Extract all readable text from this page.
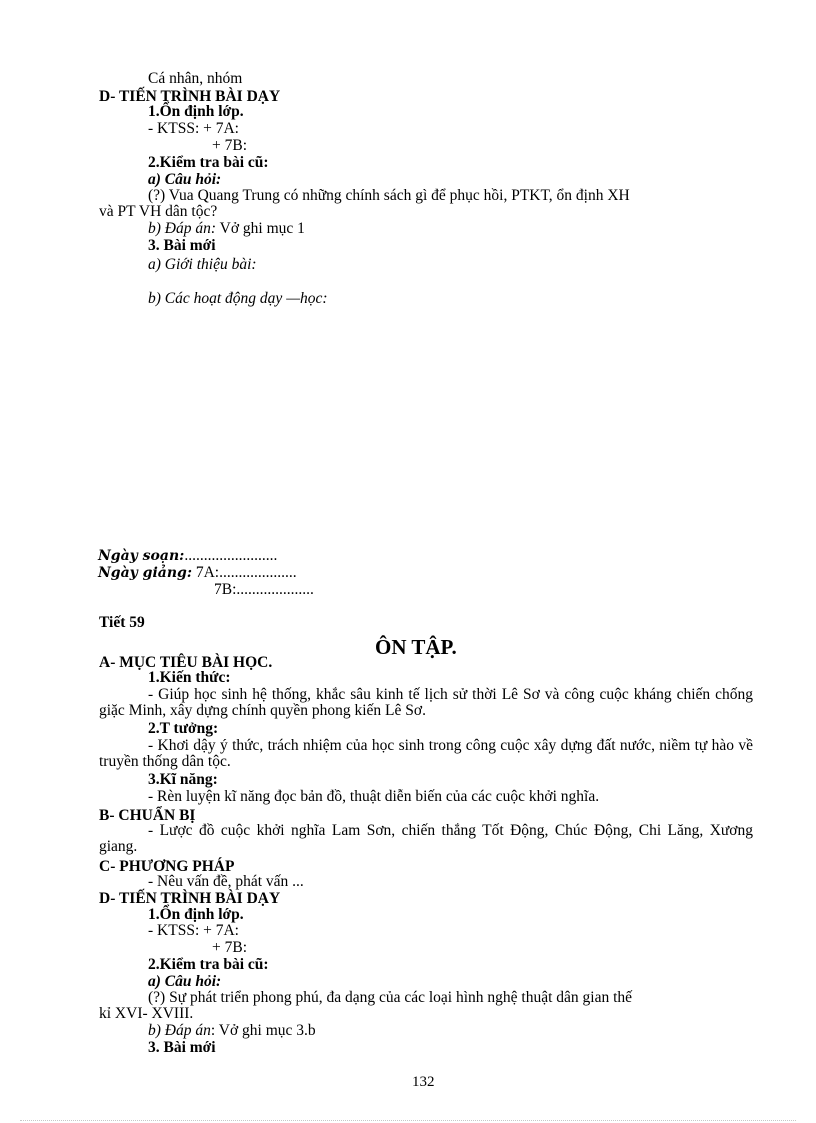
Cá nhân, nhóm
D- TIẾN TRÌNH BÀI DẠY
1.Ổn định lớp.
- KTSS: + 7A:
+ 7B:
2.Kiểm tra bài cũ:
a) Câu hỏi:
(?) Vua Quang Trung có những chính sách gì để phục hồi, PTKT, ổn định XH
và PT VH dân tộc?
b) Đáp án: Vở ghi mục 1
3. Bài mới
a) Giới thiệu bài:
b) Các hoạt động dạy —học:
Ngày soạn:........................
Ngày giảng: 7A:....................
7B:....................
Tiết 59
ÔN TẬP.
A- MỤC TIÊU BÀI HỌC.
1.Kiến thức:
- Giúp học sinh hệ thống, khắc sâu kinh tế lịch sử thời Lê Sơ và công cuộc kháng chiến chống giặc Minh, xây dựng chính quyền phong kiến Lê Sơ.
2.T tưởng:
- Khơi dậy ý thức, trách nhiệm của học sinh trong công cuộc xây dựng đất nước, niềm tự hào về truyền thống dân tộc.
3.Kĩ năng:
- Rèn luyện kĩ năng đọc bản đồ, thuật diễn biến của các cuộc khởi nghĩa.
B- CHUẨN BỊ
- Lược đồ cuộc khởi nghĩa Lam Sơn, chiến thắng Tốt Động, Chúc Động, Chi Lăng, Xương giang.
C- PHƯƠNG PHÁP
- Nêu vấn đề, phát vấn ...
D- TIẾN TRÌNH BÀI DẠY
1.Ổn định lớp.
- KTSS: + 7A:
+ 7B:
2.Kiểm tra bài cũ:
a) Câu hỏi:
(?) Sự phát triển phong phú, đa dạng của các loại hình nghệ thuật dân gian thế
kỉ XVI- XVIII.
b) Đáp án: Vở ghi mục 3.b
3. Bài mới
132
